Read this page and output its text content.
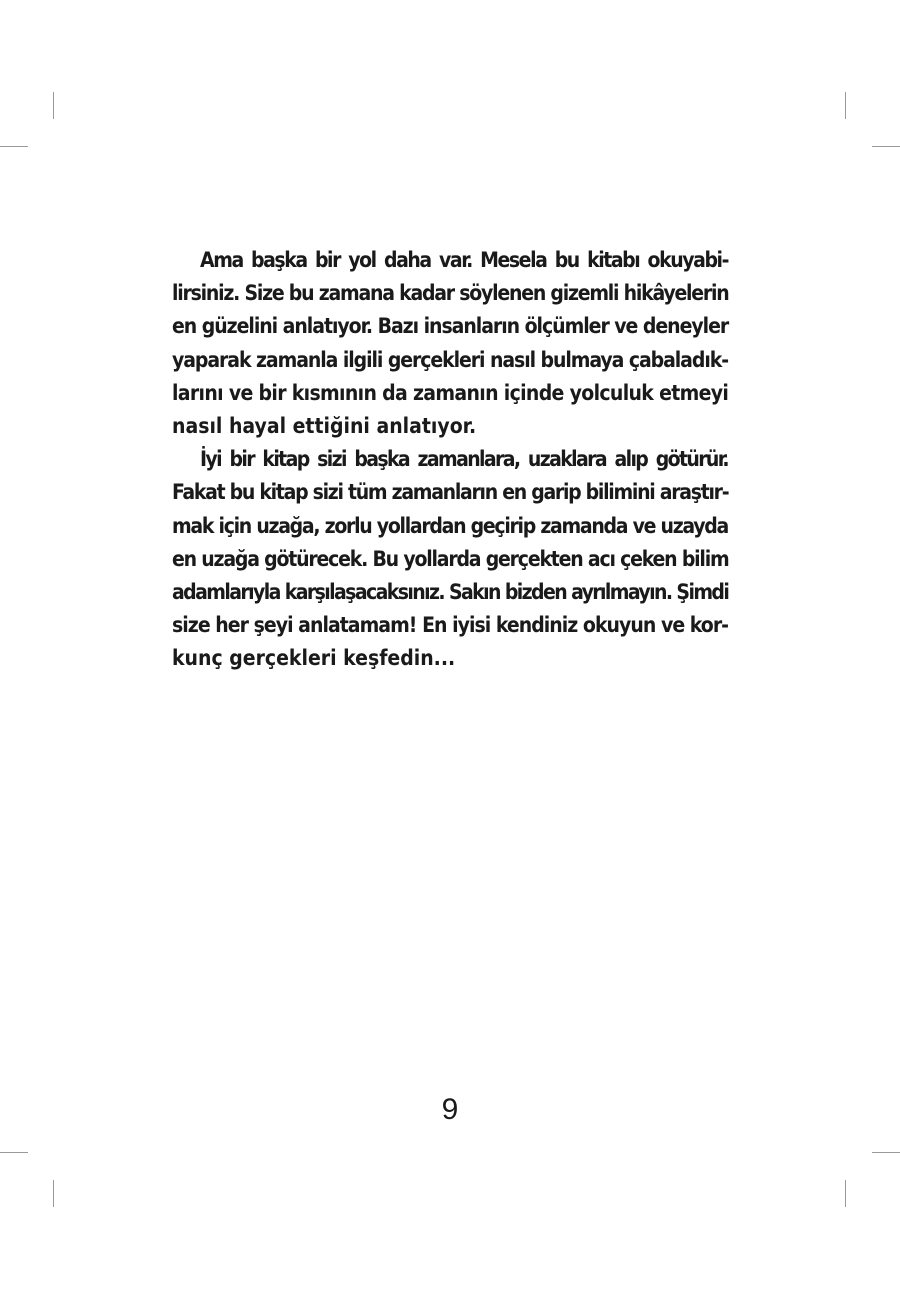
Ama başka bir yol daha var. Mesela bu kitabı okuyabi-
lirsiniz. Size bu zamana kadar söylenen gizemli hikâyelerin
en güzelini anlatıyor. Bazı insanların ölçümler ve deneyler
yaparak zamanla ilgili gerçekleri nasıl bulmaya çabaladık-
larını ve bir kısmının da zamanın içinde yolculuk etmeyi
nasıl hayal ettiğini anlatıyor.
İyi bir kitap sizi başka zamanlara, uzaklara alıp götürür.
Fakat bu kitap sizi tüm zamanların en garip bilimini araştır-
mak için uzağa, zorlu yollardan geçirip zamanda ve uzayda
en uzağa götürecek. Bu yollarda gerçekten acı çeken bilim
adamlarıyla karşılaşacaksınız. Sakın bizden ayrılmayın. Şimdi
size her şeyi anlatamam! En iyisi kendiniz okuyun ve kor-
kunç gerçekleri keşfedin...
9
